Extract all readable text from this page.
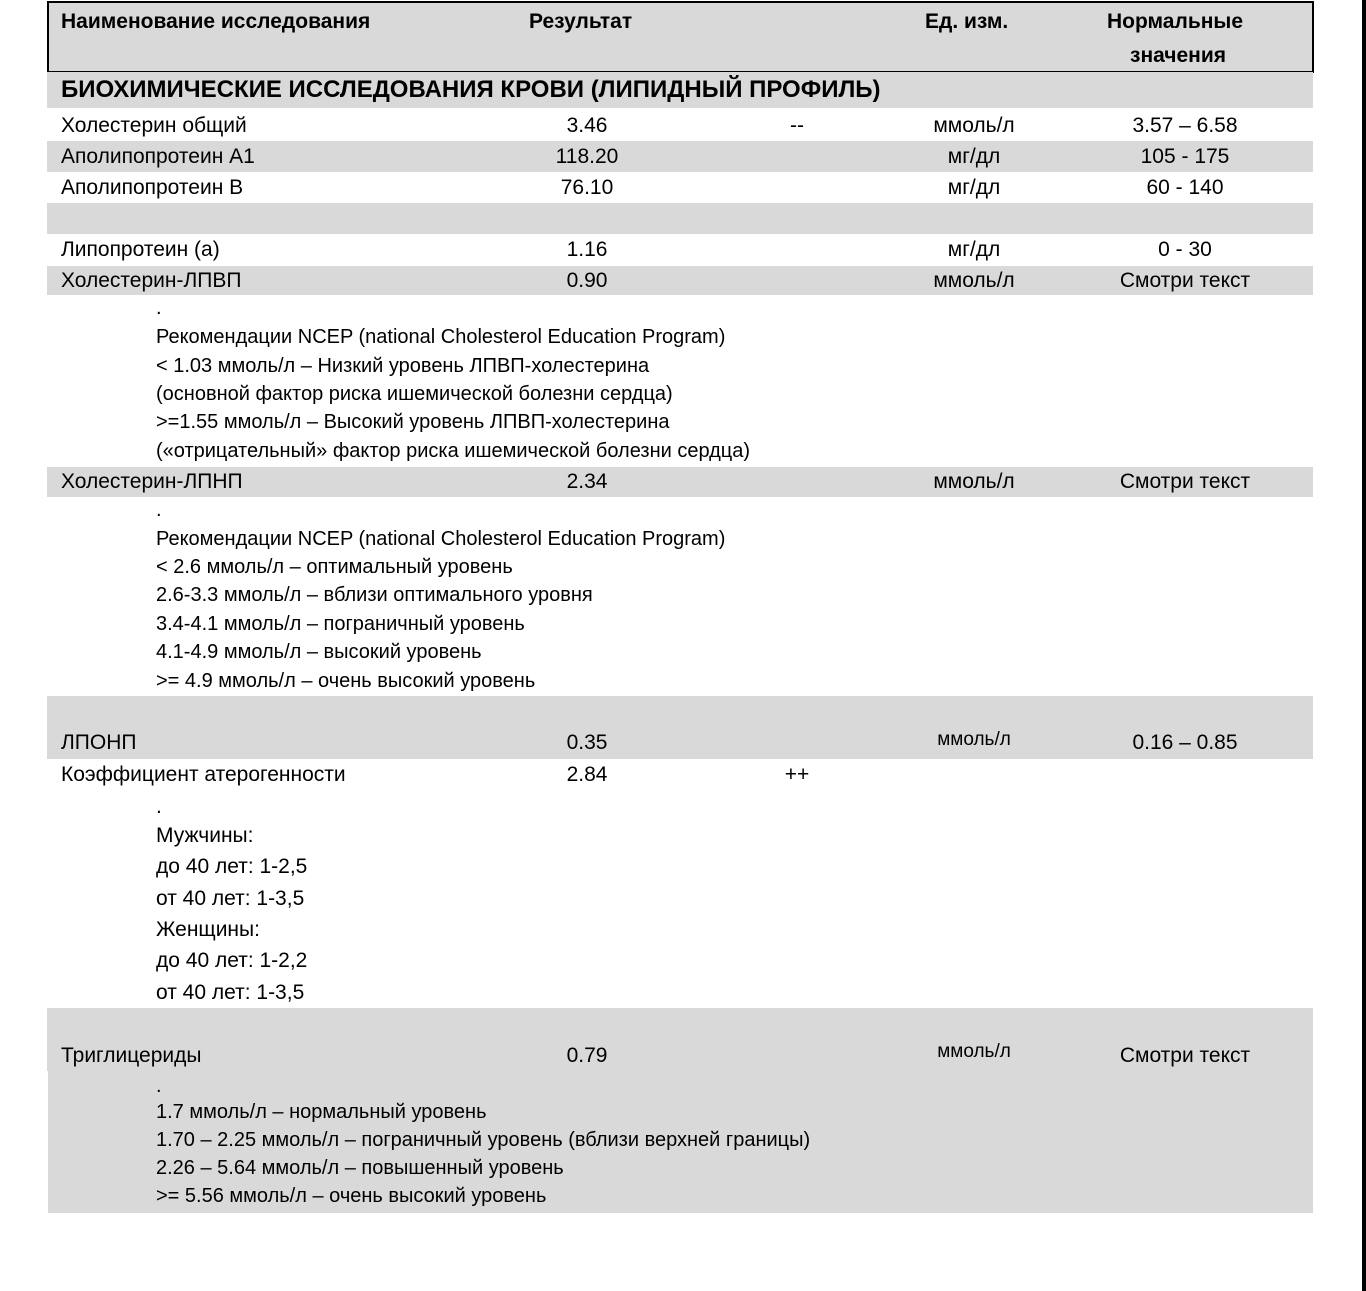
Наименование исследования	Результат	Ед. изм.	Нормальные
значения
БИОХИМИЧЕСКИЕ ИССЛЕДОВАНИЯ КРОВИ (ЛИПИДНЫЙ ПРОФИЛЬ)
Холестерин общий	3.46	--	ммоль/л	3.57 – 6.58
Аполипопротеин А1	118.20	мг/дл	105 - 175
Аполипопротеин В	76.10	мг/дл	60 - 140
Липопротеин (а)	1.16	мг/дл	0 - 30
Холестерин-ЛПВП	0.90	ммоль/л	Смотри текст
.
Рекомендации NCEP (national Cholesterol Education Program)
< 1.03 ммоль/л – Низкий уровень ЛПВП-холестерина
(основной фактор риска ишемической болезни сердца)
>=1.55 ммоль/л – Высокий уровень ЛПВП-холестерина
(«отрицательный» фактор риска ишемической болезни сердца)
Холестерин-ЛПНП	2.34	ммоль/л	Смотри текст
.
Рекомендации NCEP (national Cholesterol Education Program)
< 2.6 ммоль/л – оптимальный уровень
2.6-3.3 ммоль/л – вблизи оптимального уровня
3.4-4.1 ммоль/л – пограничный уровень
4.1-4.9 ммоль/л – высокий уровень
>= 4.9 ммоль/л – очень высокий уровень
ЛПОНП	0.35	ммоль/л	0.16 – 0.85
Коэффициент атерогенности	2.84	++
.
Мужчины:
до 40 лет: 1-2,5
от 40 лет: 1-3,5
Женщины:
до 40 лет: 1-2,2
от 40 лет: 1-3,5
Триглицериды	0.79	ммоль/л	Смотри текст
.
1.7 ммоль/л – нормальный уровень
1.70 – 2.25 ммоль/л – пограничный уровень (вблизи верхней границы)
2.26 – 5.64 ммоль/л – повышенный уровень
>= 5.56 ммоль/л – очень высокий уровень
